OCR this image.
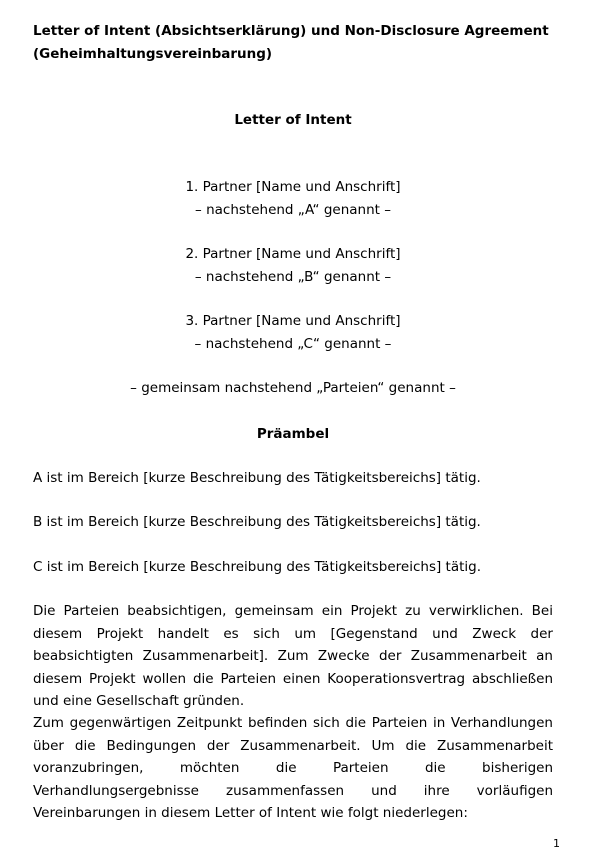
Letter of Intent (Absichtserklärung) und Non-Disclosure Agreement (Geheimhaltungsvereinbarung)

Letter of Intent

1. Partner [Name und Anschrift]
– nachstehend „A“ genannt –
2. Partner [Name und Anschrift]
– nachstehend „B“ genannt –
3. Partner [Name und Anschrift]
– nachstehend „C“ genannt –

– gemeinsam nachstehend „Parteien“ genannt –

Präambel

A ist im Bereich [kurze Beschreibung des Tätigkeitsbereichs] tätig.

B ist im Bereich [kurze Beschreibung des Tätigkeitsbereichs] tätig.

C ist im Bereich [kurze Beschreibung des Tätigkeitsbereichs] tätig.

Die Parteien beabsichtigen, gemeinsam ein Projekt zu verwirklichen. Bei diesem Projekt handelt es sich um [Gegenstand und Zweck der beabsichtigten Zusammenarbeit]. Zum Zwecke der Zusammenarbeit an diesem Projekt wollen die Parteien einen Kooperationsvertrag abschließen und eine Gesellschaft gründen.

Zum gegenwärtigen Zeitpunkt befinden sich die Parteien in Verhandlungen über die Bedingungen der Zusammenarbeit. Um die Zusammenarbeit voranzubringen, möchten die Parteien die bisherigen Verhandlungsergebnisse zusammenfassen und ihre vorläufigen Vereinbarungen in diesem Letter of Intent wie folgt niederlegen:

1
